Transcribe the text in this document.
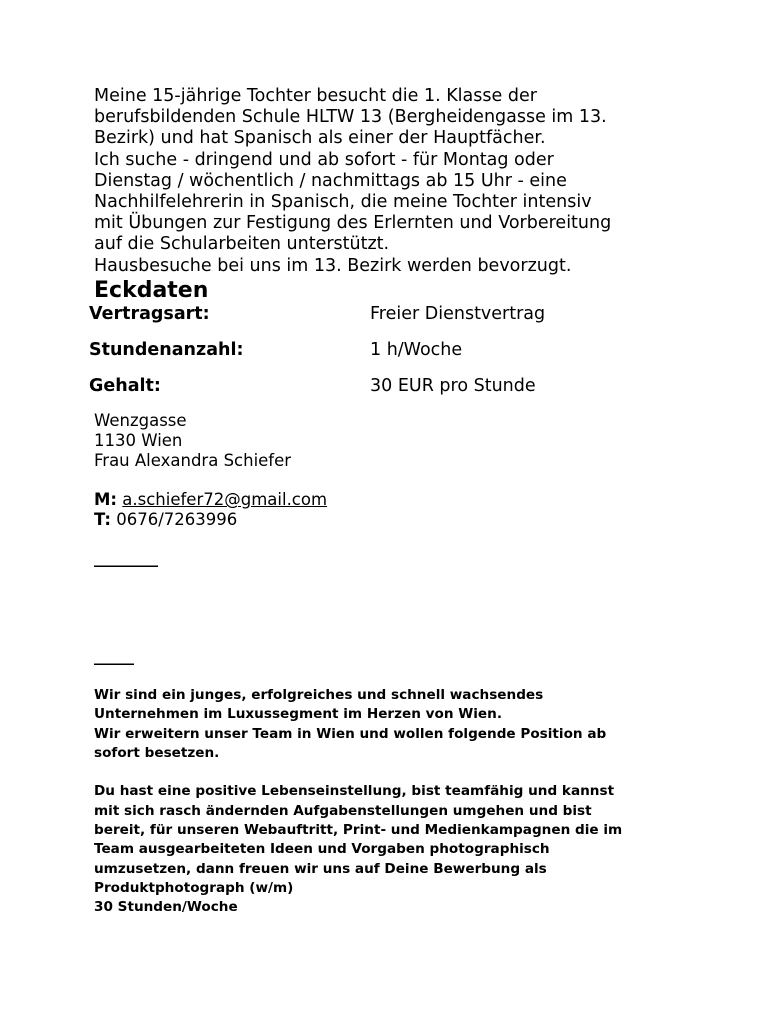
Meine 15-jährige Tochter besucht die 1. Klasse der

berufsbildenden Schule HLTW 13 (Bergheidengasse im 13.

Bezirk) und hat Spanisch als einer der Hauptfächer.

Ich suche - dringend und ab sofort - für Montag oder

Dienstag / wöchentlich / nachmittags ab 15 Uhr - eine

Nachhilfelehrerin in Spanisch, die meine Tochter intensiv

mit Übungen zur Festigung des Erlernten und Vorbereitung

auf die Schularbeiten unterstützt.

Hausbesuche bei uns im 13. Bezirk werden bevorzugt.

Eckdaten
Vertragsart:	Freier Dienstvertrag
Stundenanzahl:	1 h/Woche
Gehalt:	30 EUR pro Stunde
Wenzgasse
1130 Wien
Frau Alexandra Schiefer
M: a.schiefer72@gmail.com
T: 0676/7263996
________
_____
Wir sind ein junges, erfolgreiches und schnell wachsendes
Unternehmen im Luxussegment im Herzen von Wien.
Wir erweitern unser Team in Wien und wollen folgende Position ab
sofort besetzen.
Du hast eine positive Lebenseinstellung, bist teamfähig und kannst
mit sich rasch ändernden Aufgabenstellungen umgehen und bist
bereit, für unseren Webauftritt, Print- und Medienkampagnen die im
Team ausgearbeiteten Ideen und Vorgaben photographisch
umzusetzen, dann freuen wir uns auf Deine Bewerbung als
Produktphotograph (w/m)
30 Stunden/Woche
